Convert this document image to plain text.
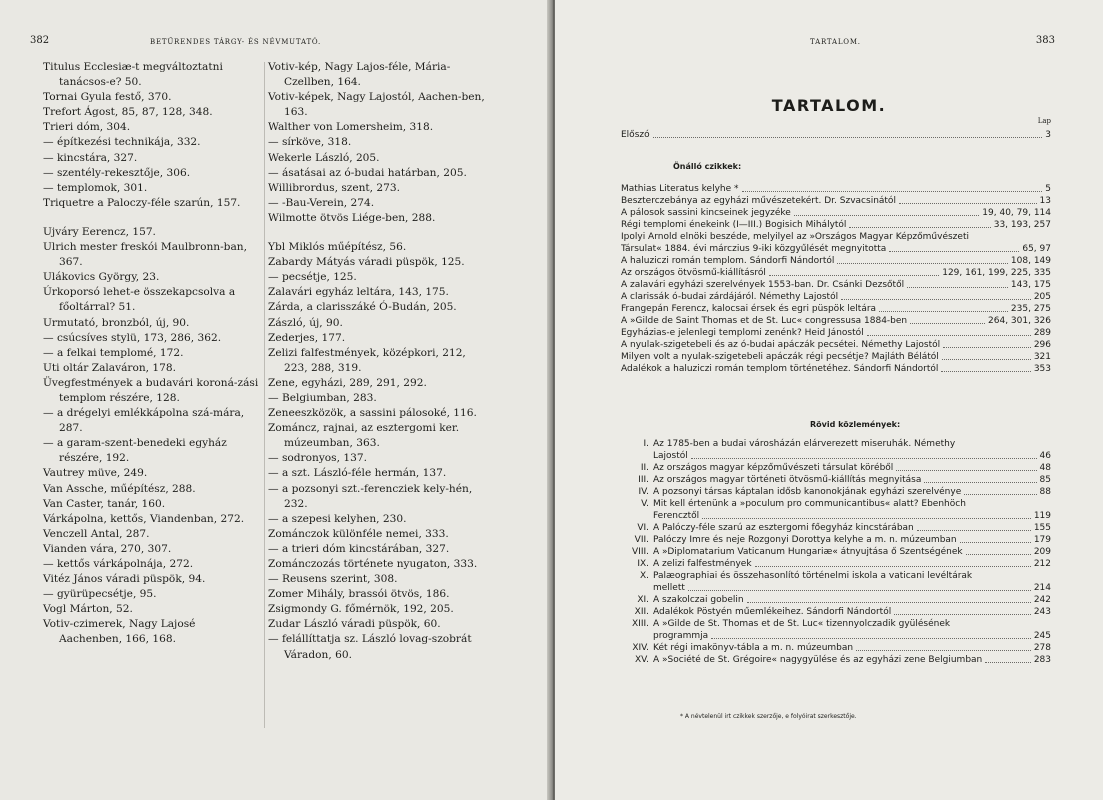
382	BETŰRENDES TÁRGY- ÉS NÉVMUTATÓ.
Titulus Ecclesiæ-t megváltoztatni tanácsos-e? 50.
Tornai Gyula festő, 370.
Trefort Ágost, 85, 87, 128, 348.
Trieri dóm, 304.
— építkezési technikája, 332.
— kincstára, 327.
— szentély-rekesztője, 306.
— templomok, 301.
Triquetre a Paloczy-féle szarún, 157.
Ujváry Eerencz, 157.
Ulrich mester freskói Maulbronn-ban, 367.
Ulákovics György, 23.
Úrkoporsó lehet-e összekapcsolva a főoltárral? 51.
Urmutató, bronzból, új, 90.
— csúcsíves stylü, 173, 286, 362.
— a felkai templomé, 172.
Uti oltár Zalaváron, 178.
Üvegfestmények a budavári koroná-zási templom részére, 128.
— a drégelyi emlékkápolna szá-mára, 287.
— a garam-szent-benedeki egyház részére, 192.
Vautrey müve, 249.
Van Assche, műépítész, 288.
Van Caster, tanár, 160.
Várkápolna, kettős, Viandenban, 272.
Venczell Antal, 287.
Vianden vára, 270, 307.
— kettős várkápolnája, 272.
Vitéz János váradi püspök, 94.
— gyürüpecsétje, 95.
Vogl Márton, 52.
Votiv-czimerek, Nagy Lajosé Aachenben, 166, 168.
Votiv-kép, Nagy Lajos-féle, Mária-Czellben, 164.
Votiv-képek, Nagy Lajostól, Aachen-ben, 163.
Walther von Lomersheim, 318.
— sírköve, 318.
Wekerle László, 205.
— ásatásai az ó-budai határban, 205.
Willibrordus, szent, 273.
— -Bau-Verein, 274.
Wilmotte ötvös Liége-ben, 288.
Ybl Miklós műépítész, 56.
Zabardy Mátyás váradi püspök, 125.
— pecsétje, 125.
Zalavári egyház leltára, 143, 175.
Zárda, a clarisszáké Ó-Budán, 205.
Zászló, új, 90.
Zederjes, 177.
Zelizi falfestmények, középkori, 212, 223, 288, 319.
Zene, egyházi, 289, 291, 292.
— Belgiumban, 283.
Zeneeszközök, a sassini pálosoké, 116.
Zománcz, rajnai, az esztergomi ker. múzeumban, 363.
— sodronyos, 137.
— a szt. László-féle hermán, 137.
— a pozsonyi szt.-ferencziek kely-hén, 232.
— a szepesi kelyhen, 230.
Zománczok különféle nemei, 333.
— a trieri dóm kincstárában, 327.
Zománczozás története nyugaton, 333.
— Reusens szerint, 308.
Zomer Mihály, brassói ötvös, 186.
Zsigmondy G. főmérnök, 192, 205.
Zudar László váradi püspök, 60.
— felállíttatja sz. László lovag-szobrát Váradon, 60.
TARTALOM.	383
TARTALOM.
Lap
Előszó	3
Önálló czikkek:
Mathias Literatus kelyhe *	5
Beszterczebánya az egyházi művészetekért. Dr. Szvacsinától	13
A pálosok sassini kincseinek jegyzéke	19, 40, 79, 114
Régi templomi énekeink (I—III.) Bogisich Mihálytól	33, 193, 257
Ipolyi Arnold elnöki beszéde, melyilyel az »Országos Magyar Képzőművészeti
Társulat« 1884. évi márczius 9-iki közgyűlését megnyitotta	65, 97
A haluziczi román templom. Sándorfi Nándortól	108, 149
Az országos ötvösmű-kiállításról	129, 161, 199, 225, 335
A zalavári egyházi szerelvények 1553-ban. Dr. Csánki Dezsőtől	143, 175
A clarissák ó-budai zárdájáról. Némethy Lajostól	205
Frangepán Ferencz, kalocsai érsek és egri püspök leltára	235, 275
A »Gilde de Saint Thomas et de St. Luc« congressusa 1884-ben	264, 301, 326
Egyházias-e jelenlegi templomi zenénk? Heid Jánostól	289
A nyulak-szigetebeli és az ó-budai apáczák pecsétei. Némethy Lajostól	296
Milyen volt a nyulak-szigetebeli apáczák régi pecsétje? Majláth Bélától	321
Adalékok a haluziczi román templom történetéhez. Sándorfi Nándortól	353
Rövid közlemények:
I. Az 1785-ben a budai városházán elárverezett miseruhák. Némethy
Lajostól	46
II. Az országos magyar képzőművészeti társulat köréből	48
III. Az országos magyar történeti ötvösmű-kiállítás megnyitása	85
IV. A pozsonyi társas káptalan idősb kanonokjának egyházi szerelvénye	88
V. Mit kell értenünk a »poculum pro communicantibus« alatt? Ebenhöch
Ferencztől	119
VI. A Palóczy-féle szarú az esztergomi főegyház kincstárában	155
VII. Palóczy Imre és neje Rozgonyi Dorottya kelyhe a m. n. múzeumban	179
VIII. A »Diplomatarium Vaticanum Hungariæ« átnyujtása ő Szentségének	209
IX. A zelizi falfestmények	212
X. Palæographiai és összehasonlító történelmi iskola a vaticani levéltárak
mellett	214
XI. A szakolczai gobelin	242
XII. Adalékok Pöstyén műemlékeihez. Sándorfi Nándortól	243
XIII. A »Gilde de St. Thomas et de St. Luc« tizennyolczadik gyülésének
programmja	245
XIV. Két régi imakönyv-tábla a m. n. múzeumban	278
XV. A »Société de St. Grégoire« nagygyülése és az egyházi zene Belgiumban	283
* A névtelenül irt czikkek szerzője, e folyóirat szerkesztője.
